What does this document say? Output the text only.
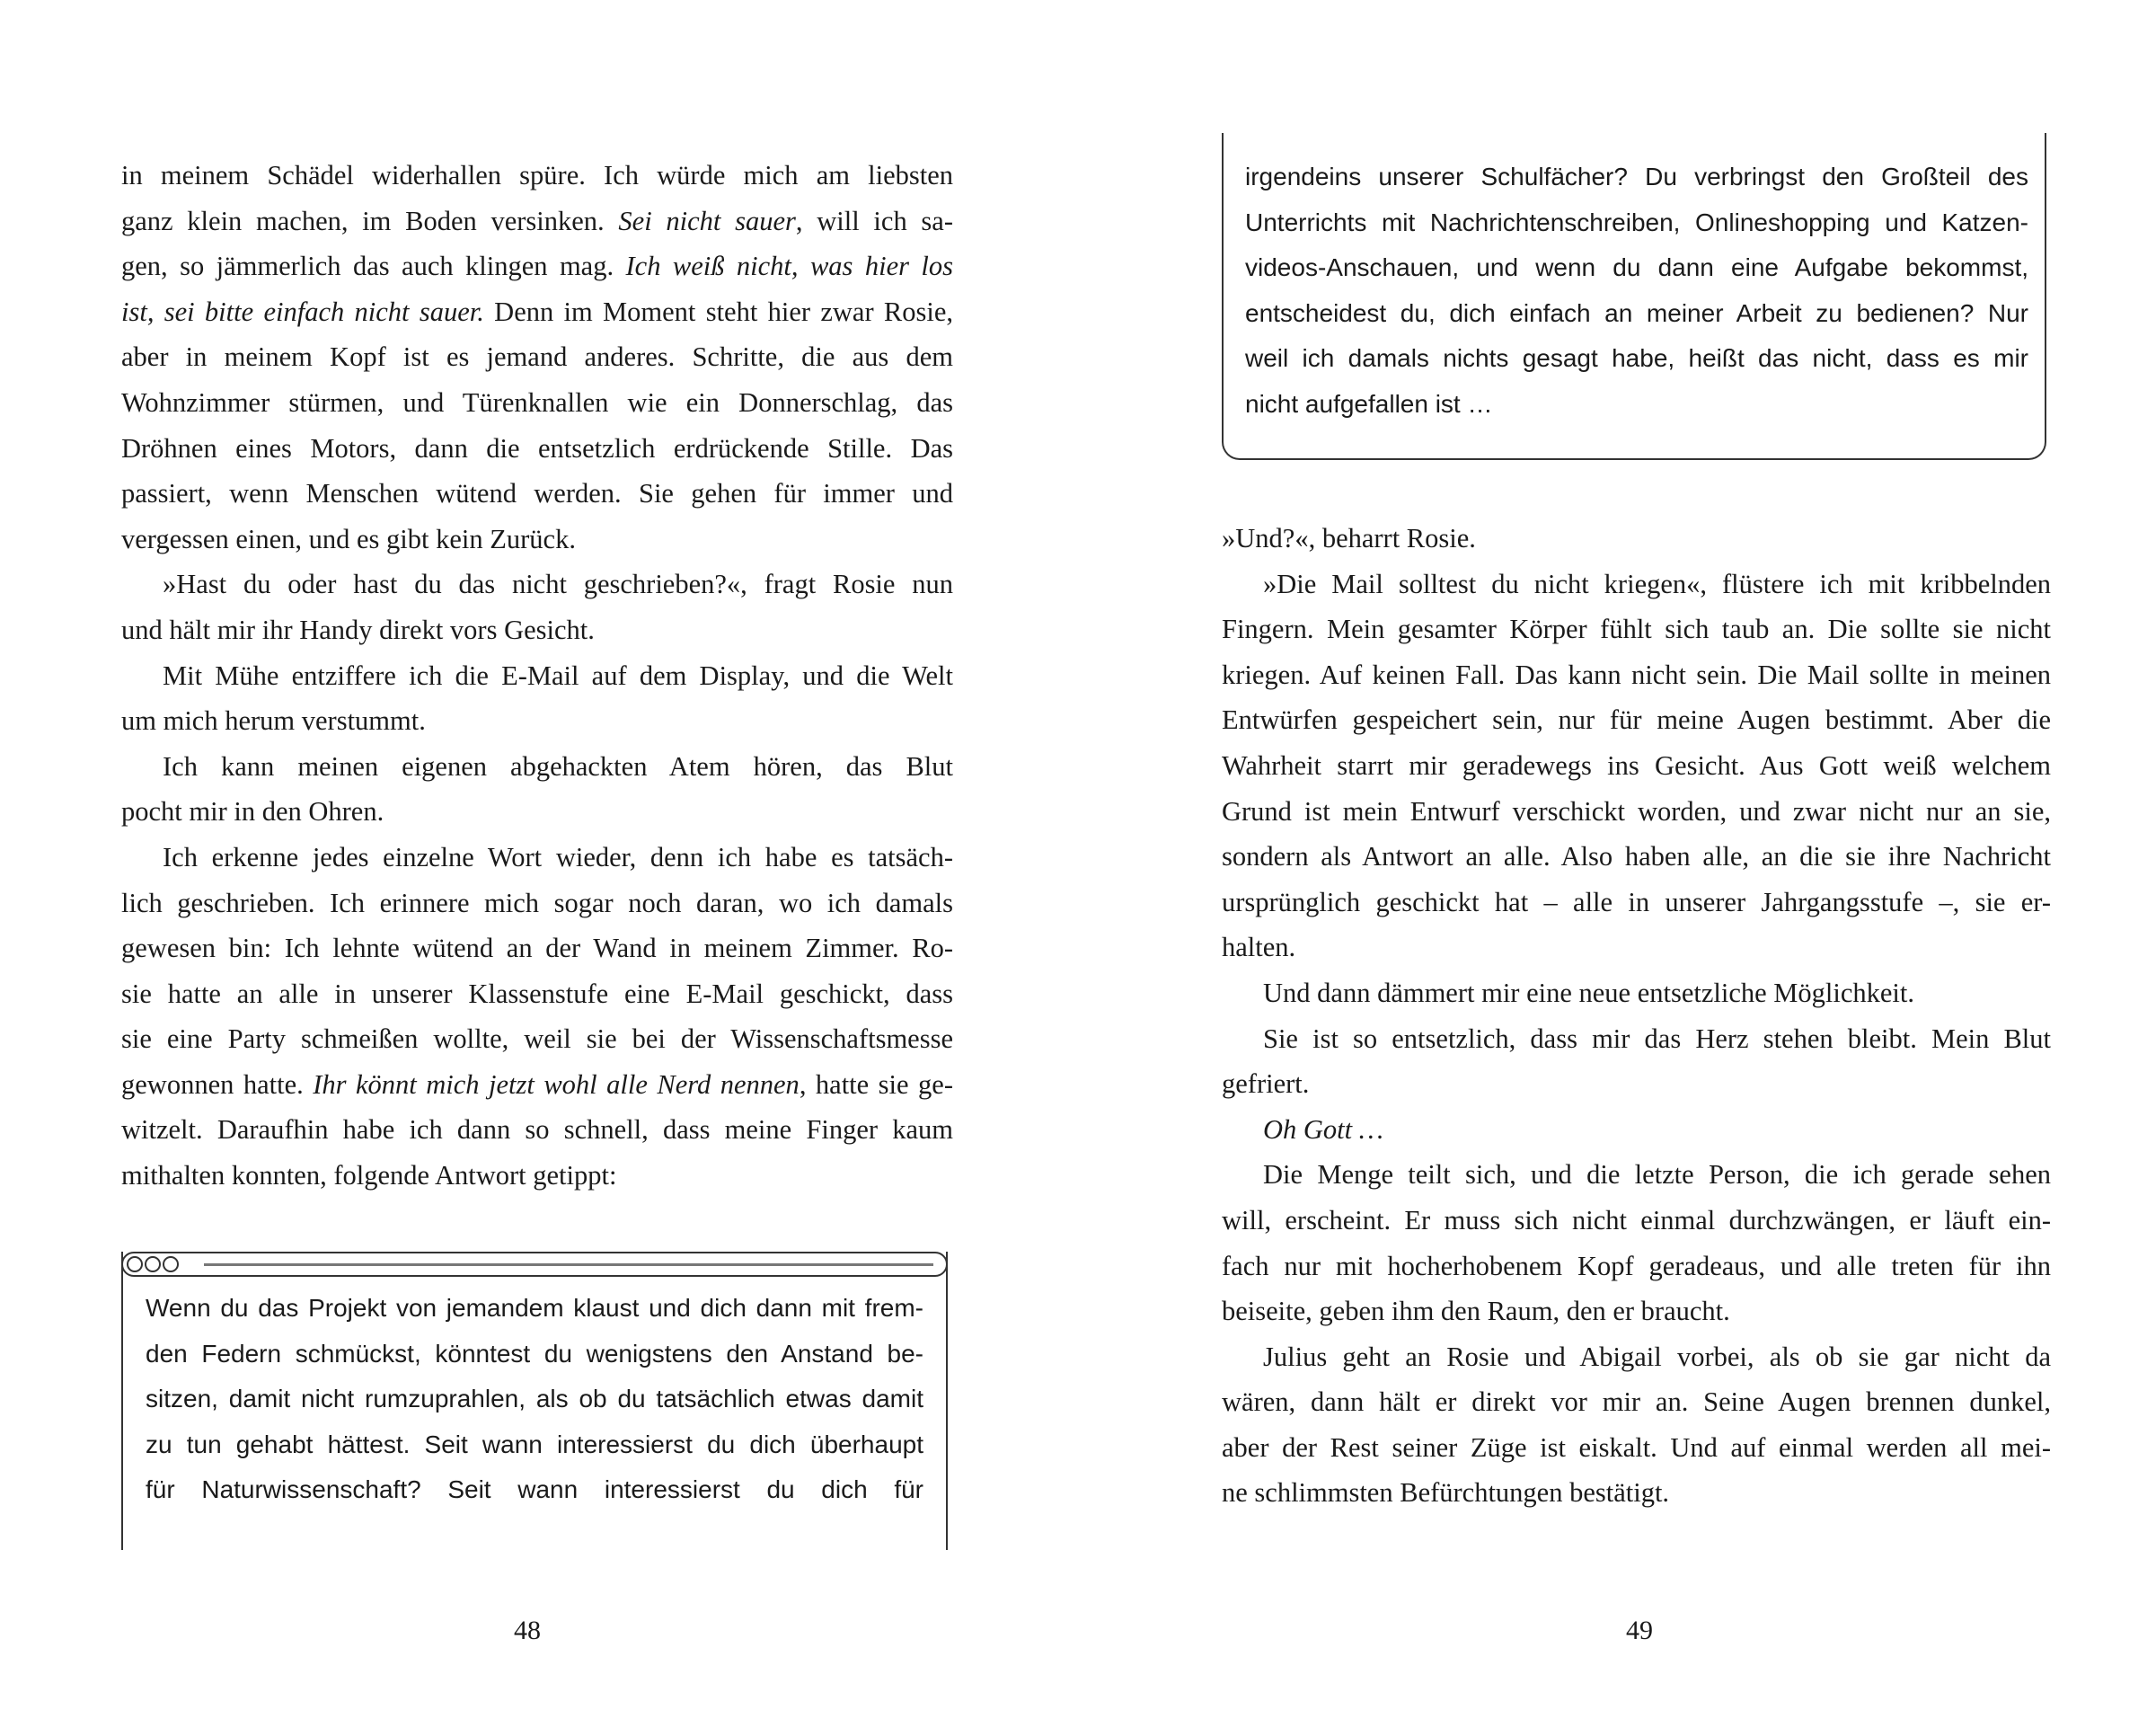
in meinem Schädel widerhallen spüre. Ich würde mich am liebsten
ganz klein machen, im Boden versinken. Sei nicht sauer, will ich sa-
gen, so jämmerlich das auch klingen mag. Ich weiß nicht, was hier los
ist, sei bitte einfach nicht sauer. Denn im Moment steht hier zwar Rosie,
aber in meinem Kopf ist es jemand anderes. Schritte, die aus dem
Wohnzimmer stürmen, und Türenknallen wie ein Donnerschlag, das
Dröhnen eines Motors, dann die entsetzlich erdrückende Stille. Das
passiert, wenn Menschen wütend werden. Sie gehen für immer und
vergessen einen, und es gibt kein Zurück.
»Hast du oder hast du das nicht geschrieben?«, fragt Rosie nun
und hält mir ihr Handy direkt vors Gesicht.
Mit Mühe entziffere ich die E-Mail auf dem Display, und die Welt
um mich herum verstummt.
Ich kann meinen eigenen abgehackten Atem hören, das Blut
pocht mir in den Ohren.
Ich erkenne jedes einzelne Wort wieder, denn ich habe es tatsäch-
lich geschrieben. Ich erinnere mich sogar noch daran, wo ich damals
gewesen bin: Ich lehnte wütend an der Wand in meinem Zimmer. Ro-
sie hatte an alle in unserer Klassenstufe eine E-Mail geschickt, dass
sie eine Party schmeißen wollte, weil sie bei der Wissenschaftsmesse
gewonnen hatte. Ihr könnt mich jetzt wohl alle Nerd nennen, hatte sie ge-
witzelt. Daraufhin habe ich dann so schnell, dass meine Finger kaum
mithalten konnten, folgende Antwort getippt:
Wenn du das Projekt von jemandem klaust und dich dann mit frem-
den Federn schmückst, könntest du wenigstens den Anstand be-
sitzen, damit nicht rumzuprahlen, als ob du tatsächlich etwas damit
zu tun gehabt hättest. Seit wann interessierst du dich überhaupt
für Naturwissenschaft? Seit wann interessierst du dich für
48
irgendeins unserer Schulfächer? Du verbringst den Großteil des
Unterrichts mit Nachrichtenschreiben, Onlineshopping und Katzen-
videos-Anschauen, und wenn du dann eine Aufgabe bekommst,
entscheidest du, dich einfach an meiner Arbeit zu bedienen? Nur
weil ich damals nichts gesagt habe, heißt das nicht, dass es mir
nicht aufgefallen ist …
»Und?«, beharrt Rosie.
»Die Mail solltest du nicht kriegen«, flüstere ich mit kribbelnden
Fingern. Mein gesamter Körper fühlt sich taub an. Die sollte sie nicht
kriegen. Auf keinen Fall. Das kann nicht sein. Die Mail sollte in meinen
Entwürfen gespeichert sein, nur für meine Augen bestimmt. Aber die
Wahrheit starrt mir geradewegs ins Gesicht. Aus Gott weiß welchem
Grund ist mein Entwurf verschickt worden, und zwar nicht nur an sie,
sondern als Antwort an alle. Also haben alle, an die sie ihre Nachricht
ursprünglich geschickt hat – alle in unserer Jahrgangsstufe –, sie er-
halten.
Und dann dämmert mir eine neue entsetzliche Möglichkeit.
Sie ist so entsetzlich, dass mir das Herz stehen bleibt. Mein Blut
gefriert.
Oh Gott …
Die Menge teilt sich, und die letzte Person, die ich gerade sehen
will, erscheint. Er muss sich nicht einmal durchzwängen, er läuft ein-
fach nur mit hocherhobenem Kopf geradeaus, und alle treten für ihn
beiseite, geben ihm den Raum, den er braucht.
Julius geht an Rosie und Abigail vorbei, als ob sie gar nicht da
wären, dann hält er direkt vor mir an. Seine Augen brennen dunkel,
aber der Rest seiner Züge ist eiskalt. Und auf einmal werden all mei-
ne schlimmsten Befürchtungen bestätigt.
49
